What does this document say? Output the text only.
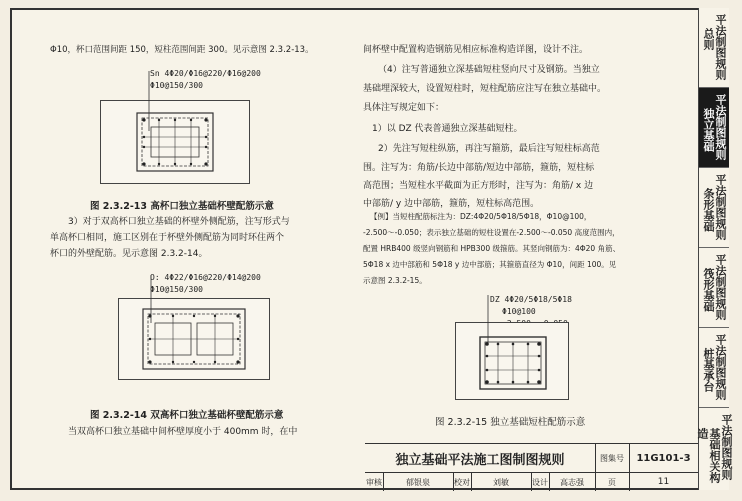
Φ10，杯口范围间距 150，短柱范围间距 300。见示意图 2.3.2-13。
Sn 4Φ20/Φ16@220/Φ16@200
Φ10@150/300
图 2.3.2-13 高杯口独立基础杯壁配筋示意
3）对于双高杯口独立基础的杯壁外侧配筋，注写形式与
单高杯口相同，施工区别在于杯壁外侧配筋为同时环住两个
杯口的外壁配筋。见示意图 2.3.2-14。
O: 4Φ22/Φ16@220/Φ14@200
Φ10@150/300
图 2.3.2-14 双高杯口独立基础杯壁配筋示意
当双高杯口独立基础中间杯壁厚度小于 400mm 时，在中
间杯壁中配置构造钢筋见相应标准构造详图，设计不注。
（4）注写普通独立深基础短柱竖向尺寸及钢筋。当独立
基础埋深较大，设置短柱时，短柱配筋应注写在独立基础中。
具体注写规定如下：
1）以 DZ 代表普通独立深基础短柱。
2）先注写短柱纵筋，再注写箍筋，最后注写短柱标高范
围。注写为：角筋/长边中部筋/短边中部筋，箍筋，短柱标
高范围；当短柱水平截面为正方形时，注写为：角筋/ x 边
中部筋/ y 边中部筋，箍筋，短柱标高范围。
【例】当短柱配筋标注为：DZ:4Φ20/5Φ18/5Φ18，Φ10@100，
-2.500～-0.050；表示独立基础的短柱设置在-2.500～-0.050 高度范围内，
配置 HRB400 级竖向钢筋和 HPB300 级箍筋。其竖向钢筋为：4Φ20 角筋、
5Φ18 x 边中部筋和 5Φ18 y 边中部筋；其箍筋直径为 Φ10，间距 100。见
示意图 2.3.2-15。
DZ 4Φ20/5Φ18/5Φ18
Φ10@100
图 2.3.2-15 独立基础短柱配筋示意
独立基础平法施工图制图规则	图集号	11G101-3
审核	郁银泉	校对	刘敏	设计	高志强	页	11
平法制图规则
总则
平法制图规则
独立基础
平法制图规则
条形基础
平法制图规则
筏形基础
平法制图规则
桩基承台
平法制图规则
基础相关构造
